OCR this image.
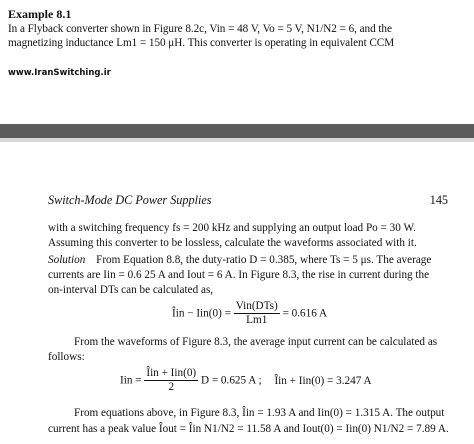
Example 8.1
In a Flyback converter shown in Figure 8.2c, Vin = 48 V, Vo = 5 V, N1/N2 = 6, and the
magnetizing inductance Lm1 = 150 μH. This converter is operating in equivalent CCM
www.IranSwitching.ir
Switch-Mode DC Power Supplies	145
with a switching frequency fs = 200 kHz and supplying an output load Po = 30 W.
Assuming this converter to be lossless, calculate the waveforms associated with it.
Solution From Equation 8.8, the duty-ratio D = 0.385, where Ts = 5 μs. The average
currents are Iin = 0.6 25 A and Iout = 6 A. In Figure 8.3, the rise in current during the
on-interval DTs can be calculated as,
Îin − $Iin(0) = \frac{\text{Vin(DTs)}}{Lm1} = 0.616$ A
From the waveforms of Figure 8.3, the average input current can be calculated as
follows:
Iin = $\frac{\text{Îin + Iin(0)}}{2}$ D = 0.625 A ; Îin + Iin(0) = 3.247 A
From equations above, in Figure 8.3, Îin = 1.93 A and Iin(0) = 1.315 A. The output
current has a peak value Îout = Îin N1/N2 = 11.58 A and Iout(0) = Iin(0) N1/N2 = 7.89 A.
